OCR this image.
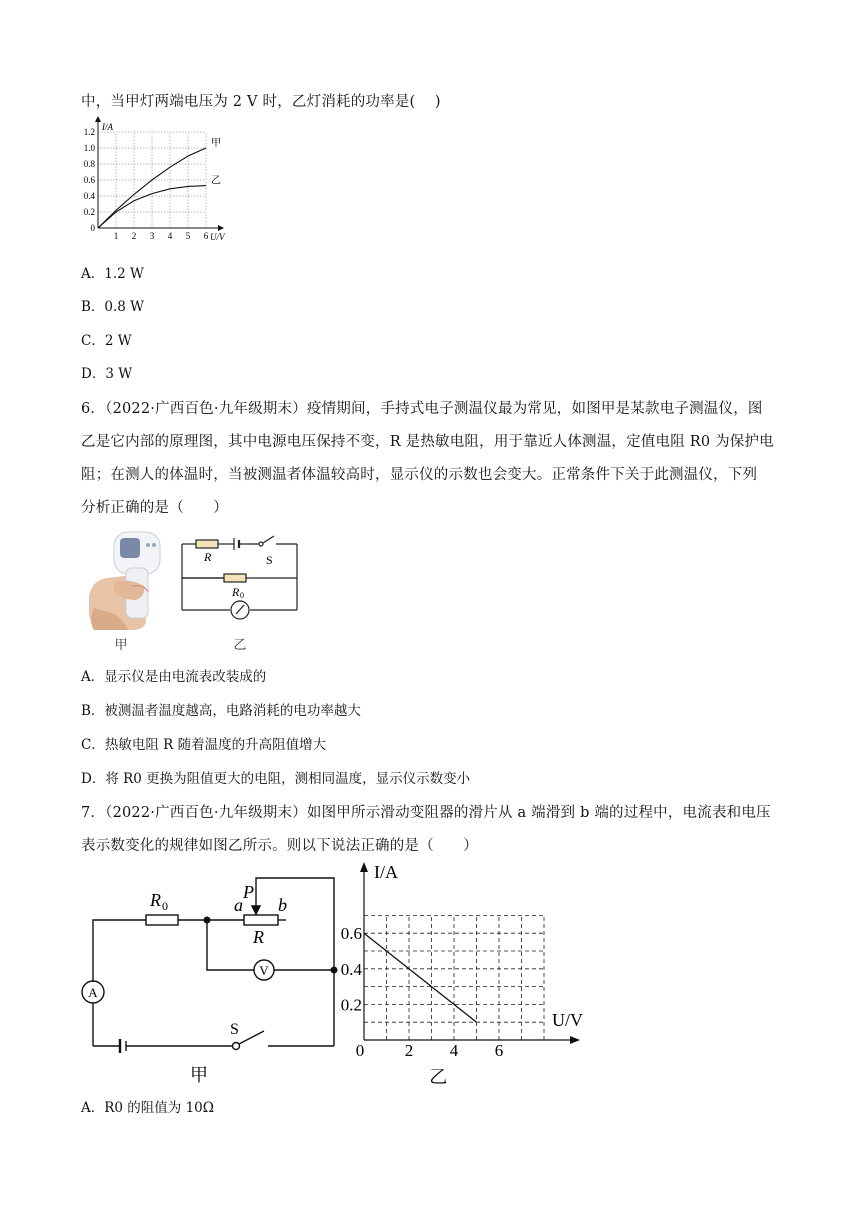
中，当甲灯两端电压为 2 V 时，乙灯消耗的功率是(　 )
甲
乙
1 2 3 4 5 6
0.2
0.4
0.6
0.8
1.0
1.2
0
U/V
I/A
A．1.2 W
B．0.8 W
C．2 W
D．3 W
6．（2022·广西百色·九年级期末）疫情期间，手持式电子测温仪最为常见，如图甲是某款电子测温仪，图
乙是它内部的原理图，其中电源电压保持不变，R 是热敏电阻，用于靠近人体测温，定值电阻 R0 为保护电
阻；在测人的体温时，当被测温者体温较高时，显示仪的示数也会变大。正常条件下关于此测温仪，下列
分析正确的是（　　）
甲
R	S
R 0
乙
A．显示仪是由电流表改装成的
B．被测温者温度越高，电路消耗的电功率越大
C．热敏电阻 R 随着温度的升高阻值增大
D．将 R0 更换为阻值更大的电阻，测相同温度，显示仪示数变小
7．（2022·广西百色·九年级期末）如图甲所示滑动变阻器的滑片从 a 端滑到 b 端的过程中，电流表和电压
表示数变化的规律如图乙所示。则以下说法正确的是（　　）
R 0	a
P
b
R
V
A
S
甲
2 4 6
0.2
0.4
0.6
0
U/V
I/A
乙
A．R0 的阻值为 10Ω
